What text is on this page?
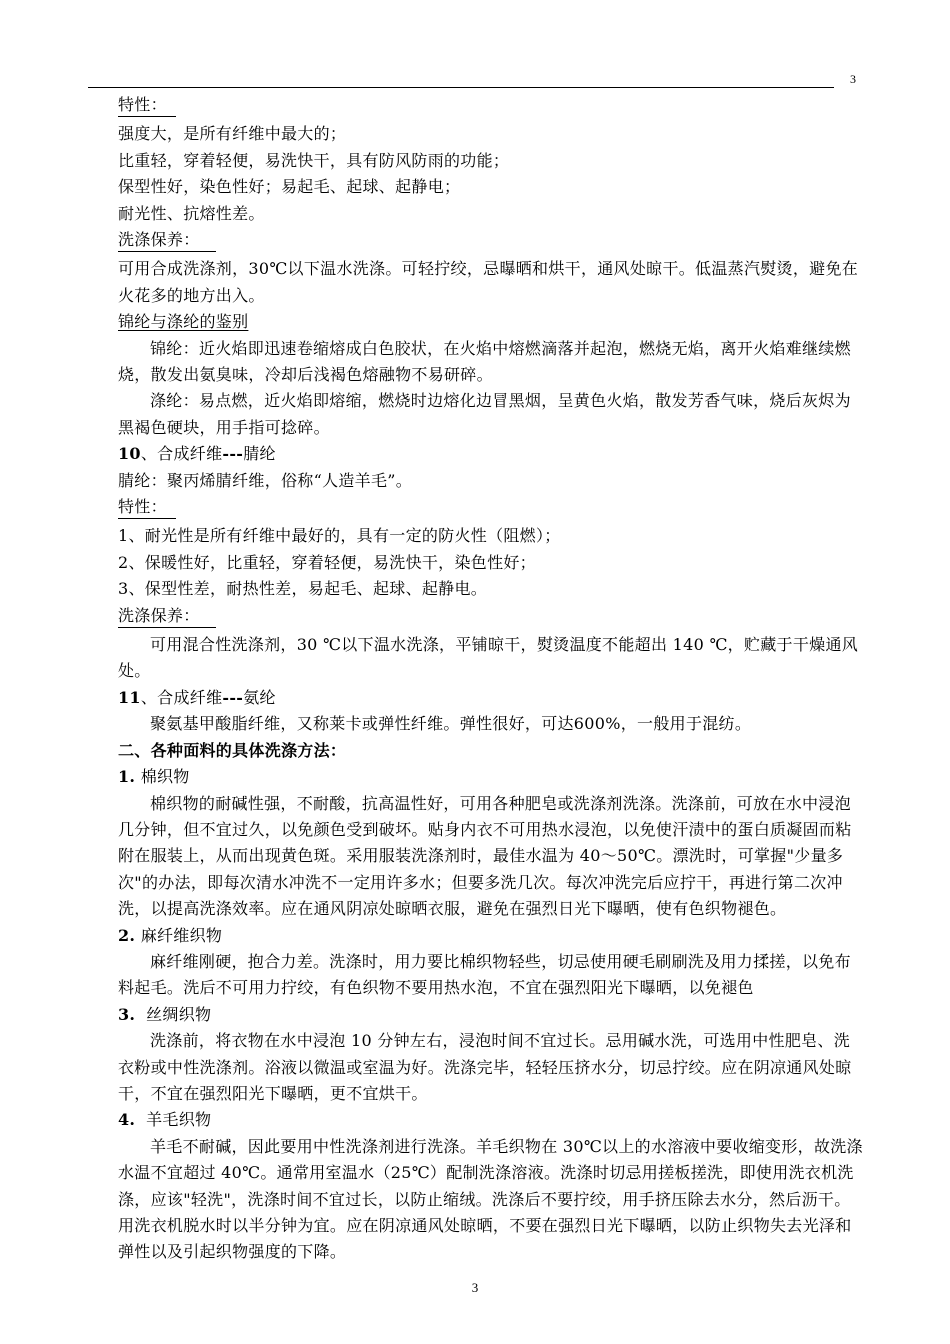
3

特性：

强度大，是所有纤维中最大的；

比重轻，穿着轻便，易洗快干，具有防风防雨的功能；

保型性好，染色性好；易起毛、起球、起静电；

耐光性、抗熔性差。

洗涤保养：

可用合成洗涤剂，30℃以下温水洗涤。可轻拧绞，忌曝晒和烘干，通风处晾干。低温蒸汽熨烫，避免在火花多的地方出入。

锦纶与涤纶的鉴别

锦纶：近火焰即迅速卷缩熔成白色胶状，在火焰中熔燃滴落并起泡，燃烧无焰，离开火焰难继续燃烧，散发出氨臭味，冷却后浅褐色熔融物不易研碎。

涤纶：易点燃，近火焰即熔缩，燃烧时边熔化边冒黑烟，呈黄色火焰，散发芳香气味，烧后灰烬为黑褐色硬块，用手指可捻碎。

10、合成纤维---腈纶

腈纶：聚丙烯腈纤维，俗称“人造羊毛”。

特性：

1、耐光性是所有纤维中最好的，具有一定的防火性（阻燃）；

2、保暖性好，比重轻，穿着轻便，易洗快干，染色性好；

3、保型性差，耐热性差，易起毛、起球、起静电。

洗涤保养：

可用混合性洗涤剂，30 ℃以下温水洗涤，平铺晾干，熨烫温度不能超出 140 ℃，贮藏于干燥通风处。

11、合成纤维---氨纶

聚氨基甲酸脂纤维，又称莱卡或弹性纤维。弹性很好，可达600%，一般用于混纺。

二、各种面料的具体洗涤方法：

1. 棉织物

棉织物的耐碱性强，不耐酸，抗高温性好，可用各种肥皂或洗涤剂洗涤。洗涤前，可放在水中浸泡几分钟，但不宜过久，以免颜色受到破坏。贴身内衣不可用热水浸泡，以免使汗渍中的蛋白质凝固而粘附在服装上，从而出现黄色斑。采用服装洗涤剂时，最佳水温为 40～50℃。漂洗时，可掌握"少量多次"的办法，即每次清水冲洗不一定用许多水；但要多洗几次。每次冲洗完后应拧干，再进行第二次冲洗，以提高洗涤效率。应在通风阴凉处晾晒衣服，避免在强烈日光下曝晒，使有色织物褪色。

2. 麻纤维织物

麻纤维刚硬，抱合力差。洗涤时，用力要比棉织物轻些，切忌使用硬毛刷刷洗及用力揉搓，以免布料起毛。洗后不可用力拧绞，有色织物不要用热水泡，不宜在强烈阳光下曝晒，以免褪色

3. 丝绸织物

洗涤前，将衣物在水中浸泡 10 分钟左右，浸泡时间不宜过长。忌用碱水洗，可选用中性肥皂、洗衣粉或中性洗涤剂。浴液以微温或室温为好。洗涤完毕，轻轻压挤水分，切忌拧绞。应在阴凉通风处晾干，不宜在强烈阳光下曝晒，更不宜烘干。

4. 羊毛织物

羊毛不耐碱，因此要用中性洗涤剂进行洗涤。羊毛织物在 30℃以上的水溶液中要收缩变形，故洗涤水温不宜超过 40℃。通常用室温水（25℃）配制洗涤溶液。洗涤时切忌用搓板搓洗，即使用洗衣机洗涤，应该"轻洗"，洗涤时间不宜过长，以防止缩绒。洗涤后不要拧绞，用手挤压除去水分，然后沥干。用洗衣机脱水时以半分钟为宜。应在阴凉通风处晾晒，不要在强烈日光下曝晒，以防止织物失去光泽和弹性以及引起织物强度的下降。

3
